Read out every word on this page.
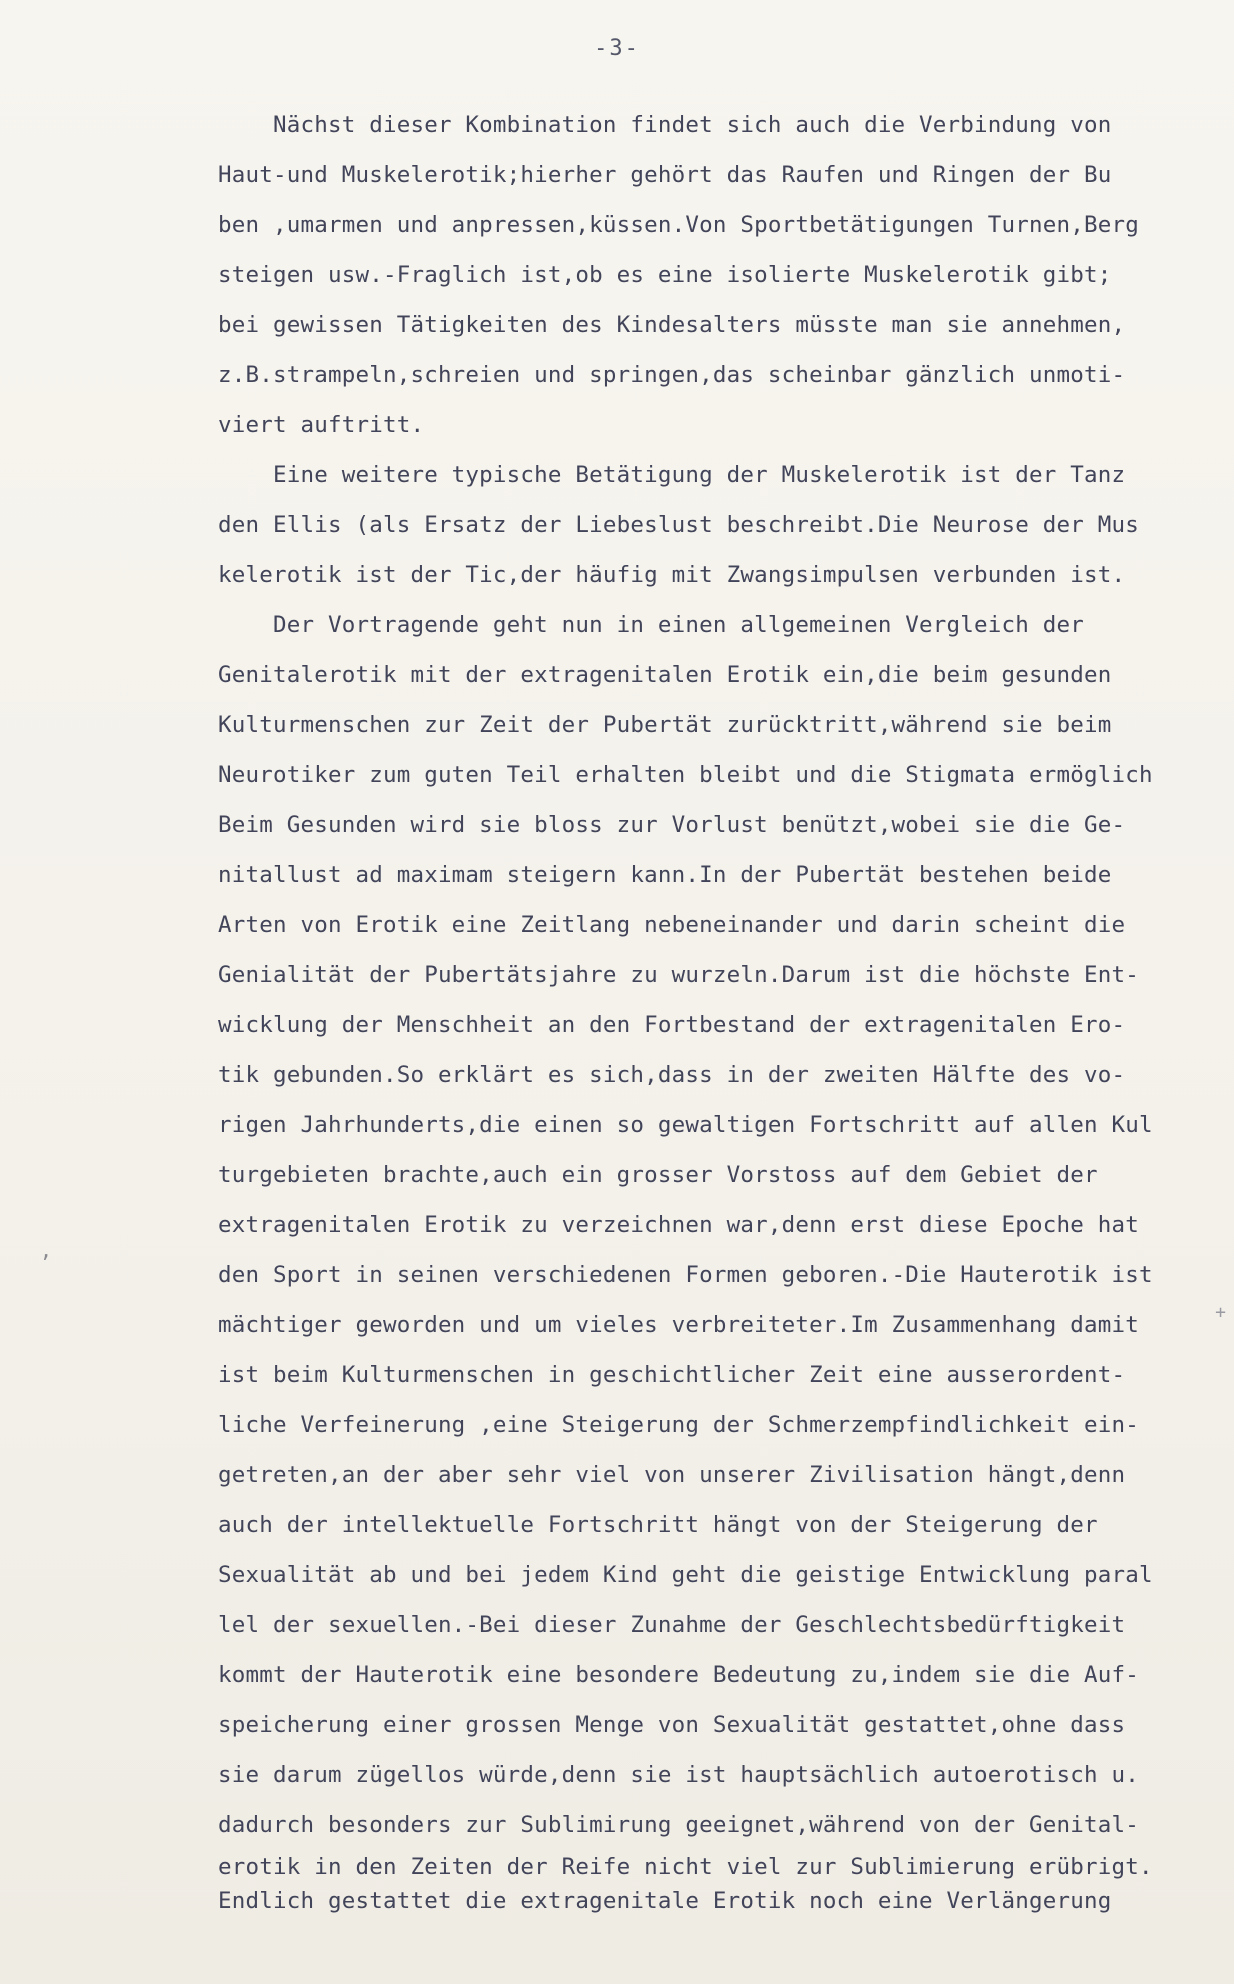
-3-
Nächst dieser Kombination findet sich auch die Verbindung von
Haut-und Muskelerotik;hierher gehört das Raufen und Ringen der Bu
ben ,umarmen und anpressen,küssen.Von Sportbetätigungen Turnen,Berg
steigen usw.-Fraglich ist,ob es eine isolierte Muskelerotik gibt;
bei gewissen Tätigkeiten des Kindesalters müsste man sie annehmen,
z.B.strampeln,schreien und springen,das scheinbar gänzlich unmoti-
viert auftritt.
Eine weitere typische Betätigung der Muskelerotik ist der Tanz
den Ellis (als Ersatz der Liebeslust beschreibt.Die Neurose der Mus
kelerotik ist der Tic,der häufig mit Zwangsimpulsen verbunden ist.
Der Vortragende geht nun in einen allgemeinen Vergleich der
Genitalerotik mit der extragenitalen Erotik ein,die beim gesunden
Kulturmenschen zur Zeit der Pubertät zurücktritt,während sie beim
Neurotiker zum guten Teil erhalten bleibt und die Stigmata ermöglich
Beim Gesunden wird sie bloss zur Vorlust benützt,wobei sie die Ge-
nitallust ad maximam steigern kann.In der Pubertät bestehen beide
Arten von Erotik eine Zeitlang nebeneinander und darin scheint die
Genialität der Pubertätsjahre zu wurzeln.Darum ist die höchste Ent-
wicklung der Menschheit an den Fortbestand der extragenitalen Ero-
tik gebunden.So erklärt es sich,dass in der zweiten Hälfte des vo-
rigen Jahrhunderts,die einen so gewaltigen Fortschritt auf allen Kul
turgebieten brachte,auch ein grosser Vorstoss auf dem Gebiet der
extragenitalen Erotik zu verzeichnen war,denn erst diese Epoche hat
den Sport in seinen verschiedenen Formen geboren.-Die Hauterotik ist
mächtiger geworden und um vieles verbreiteter.Im Zusammenhang damit
ist beim Kulturmenschen in geschichtlicher Zeit eine ausserordent-
liche Verfeinerung ,eine Steigerung der Schmerzempfindlichkeit ein-
getreten,an der aber sehr viel von unserer Zivilisation hängt,denn
auch der intellektuelle Fortschritt hängt von der Steigerung der
Sexualität ab und bei jedem Kind geht die geistige Entwicklung paral
lel der sexuellen.-Bei dieser Zunahme der Geschlechtsbedürftigkeit
kommt der Hauterotik eine besondere Bedeutung zu,indem sie die Auf-
speicherung einer grossen Menge von Sexualität gestattet,ohne dass
sie darum zügellos würde,denn sie ist hauptsächlich autoerotisch u.
dadurch besonders zur Sublimirung geeignet,während von der Genital-
erotik in den Zeiten der Reife nicht viel zur Sublimierung erübrigt.
Endlich gestattet die extragenitale Erotik noch eine Verlängerung
,
+
